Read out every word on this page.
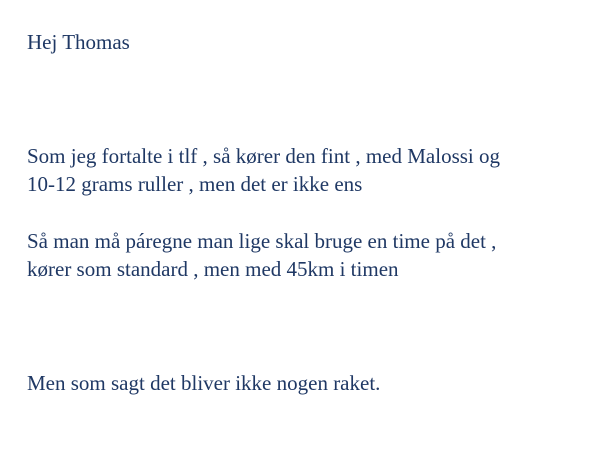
Hej Thomas

Som jeg fortalte i tlf , så kører den fint , med Malossi og
10-12 grams ruller , men det er ikke ens
Så man må páregne man lige skal bruge en time på det ,
kører som standard , men med 45km i timen
Men som sagt det bliver ikke nogen raket.
